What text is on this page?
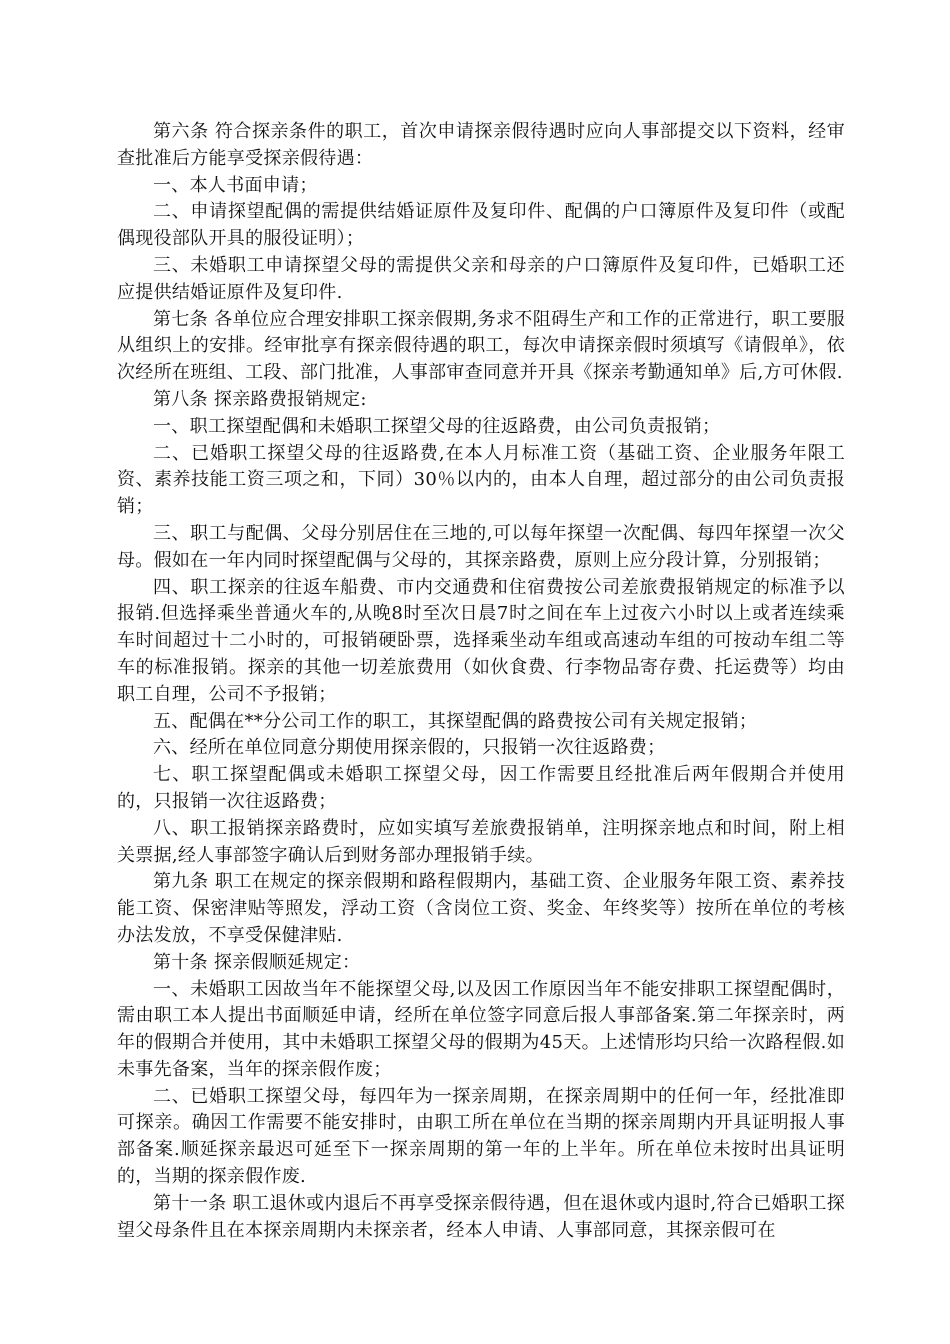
第六条 符合探亲条件的职工，首次申请探亲假待遇时应向人事部提交以下资料，经审查批准后方能享受探亲假待遇：

一、本人书面申请；

二、申请探望配偶的需提供结婚证原件及复印件、配偶的户口簿原件及复印件（或配偶现役部队开具的服役证明）；

三、未婚职工申请探望父母的需提供父亲和母亲的户口簿原件及复印件，已婚职工还应提供结婚证原件及复印件.

第七条 各单位应合理安排职工探亲假期,务求不阻碍生产和工作的正常进行，职工要服从组织上的安排。经审批享有探亲假待遇的职工，每次申请探亲假时须填写《请假单》，依次经所在班组、工段、部门批准，人事部审查同意并开具《探亲考勤通知单》后,方可休假.

第八条 探亲路费报销规定:

一、职工探望配偶和未婚职工探望父母的往返路费，由公司负责报销；

二、已婚职工探望父母的往返路费,在本人月标准工资（基础工资、企业服务年限工资、素养技能工资三项之和，下同）30％以内的，由本人自理，超过部分的由公司负责报销；

三、职工与配偶、父母分别居住在三地的,可以每年探望一次配偶、每四年探望一次父母。假如在一年内同时探望配偶与父母的，其探亲路费，原则上应分段计算，分别报销；

四、职工探亲的往返车船费、市内交通费和住宿费按公司差旅费报销规定的标准予以报销.但选择乘坐普通火车的,从晚8时至次日晨7时之间在车上过夜六小时以上或者连续乘车时间超过十二小时的，可报销硬卧票，选择乘坐动车组或高速动车组的可按动车组二等车的标准报销。探亲的其他一切差旅费用（如伙食费、行李物品寄存费、托运费等）均由职工自理，公司不予报销；

五、配偶在**分公司工作的职工，其探望配偶的路费按公司有关规定报销；

六、经所在单位同意分期使用探亲假的，只报销一次往返路费；

七、职工探望配偶或未婚职工探望父母，因工作需要且经批准后两年假期合并使用的，只报销一次往返路费；

八、职工报销探亲路费时，应如实填写差旅费报销单，注明探亲地点和时间，附上相关票据,经人事部签字确认后到财务部办理报销手续。

第九条 职工在规定的探亲假期和路程假期内，基础工资、企业服务年限工资、素养技能工资、保密津贴等照发，浮动工资（含岗位工资、奖金、年终奖等）按所在单位的考核办法发放，不享受保健津贴.

第十条 探亲假顺延规定：

一、未婚职工因故当年不能探望父母,以及因工作原因当年不能安排职工探望配偶时，需由职工本人提出书面顺延申请，经所在单位签字同意后报人事部备案.第二年探亲时，两年的假期合并使用，其中未婚职工探望父母的假期为45天。上述情形均只给一次路程假.如未事先备案，当年的探亲假作废；

二、已婚职工探望父母，每四年为一探亲周期，在探亲周期中的任何一年，经批准即可探亲。确因工作需要不能安排时，由职工所在单位在当期的探亲周期内开具证明报人事部备案.顺延探亲最迟可延至下一探亲周期的第一年的上半年。所在单位未按时出具证明的，当期的探亲假作废.

第十一条 职工退休或内退后不再享受探亲假待遇，但在退休或内退时,符合已婚职工探望父母条件且在本探亲周期内未探亲者，经本人申请、人事部同意，其探亲假可在
